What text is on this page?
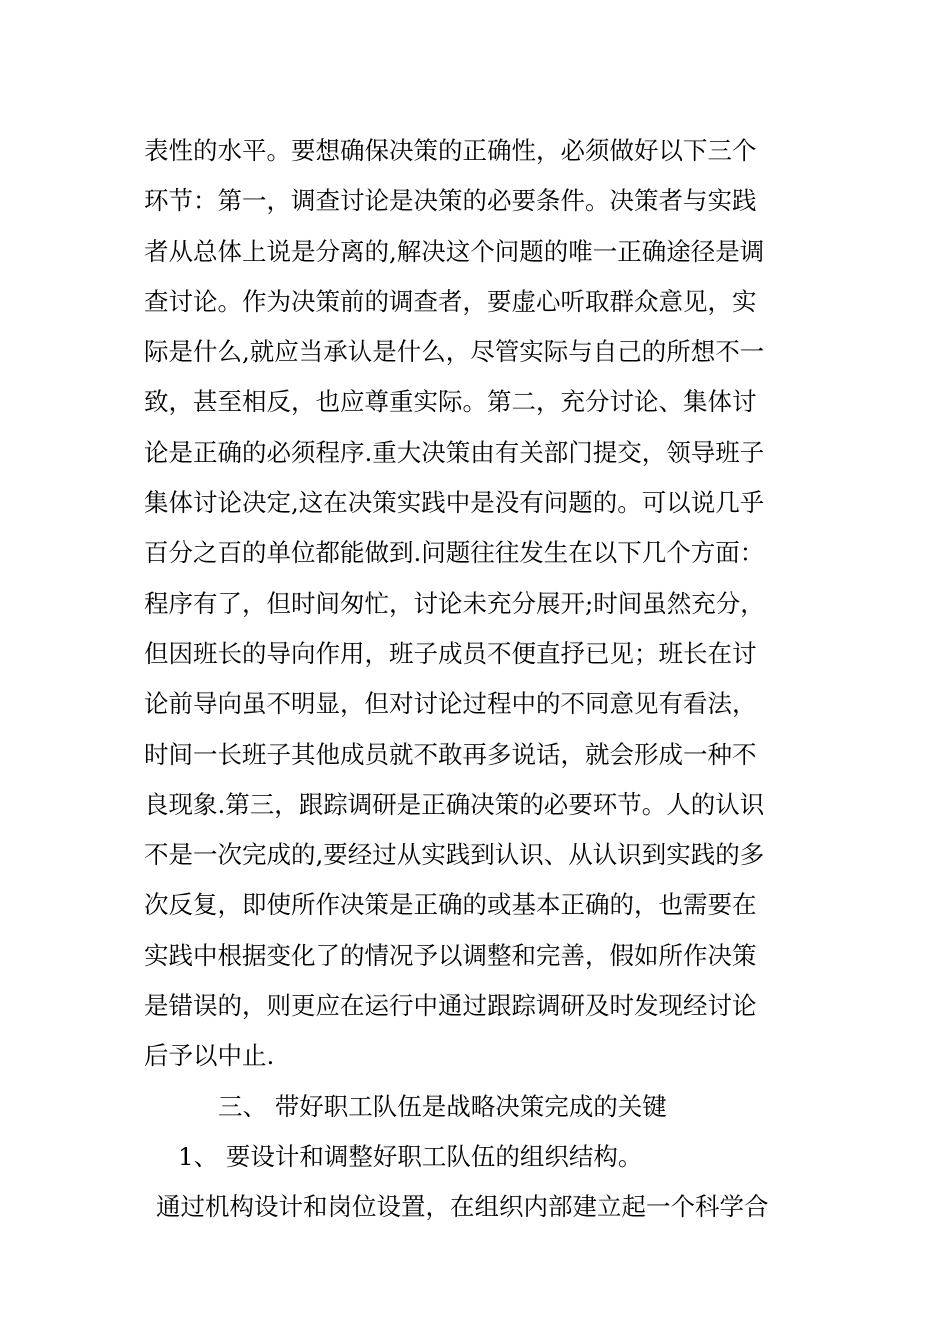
表性的水平。要想确保决策的正确性，必须做好以下三个
环节：第一，调查讨论是决策的必要条件。决策者与实践
者从总体上说是分离的,解决这个问题的唯一正确途径是调
查讨论。作为决策前的调查者，要虚心听取群众意见，实
际是什么,就应当承认是什么，尽管实际与自己的所想不一
致，甚至相反，也应尊重实际。第二，充分讨论、集体讨
论是正确的必须程序.重大决策由有关部门提交，领导班子
集体讨论决定,这在决策实践中是没有问题的。可以说几乎
百分之百的单位都能做到.问题往往发生在以下几个方面：
程序有了，但时间匆忙，讨论未充分展开;时间虽然充分，
但因班长的导向作用，班子成员不便直抒已见；班长在讨
论前导向虽不明显，但对讨论过程中的不同意见有看法，
时间一长班子其他成员就不敢再多说话，就会形成一种不
良现象.第三，跟踪调研是正确决策的必要环节。人的认识
不是一次完成的,要经过从实践到认识、从认识到实践的多
次反复，即使所作决策是正确的或基本正确的，也需要在
实践中根据变化了的情况予以调整和完善，假如所作决策
是错误的，则更应在运行中通过跟踪调研及时发现经讨论
后予以中止.
三、 带好职工队伍是战略决策完成的关键
1、 要设计和调整好职工队伍的组织结构。
通过机构设计和岗位设置，在组织内部建立起一个科学合
